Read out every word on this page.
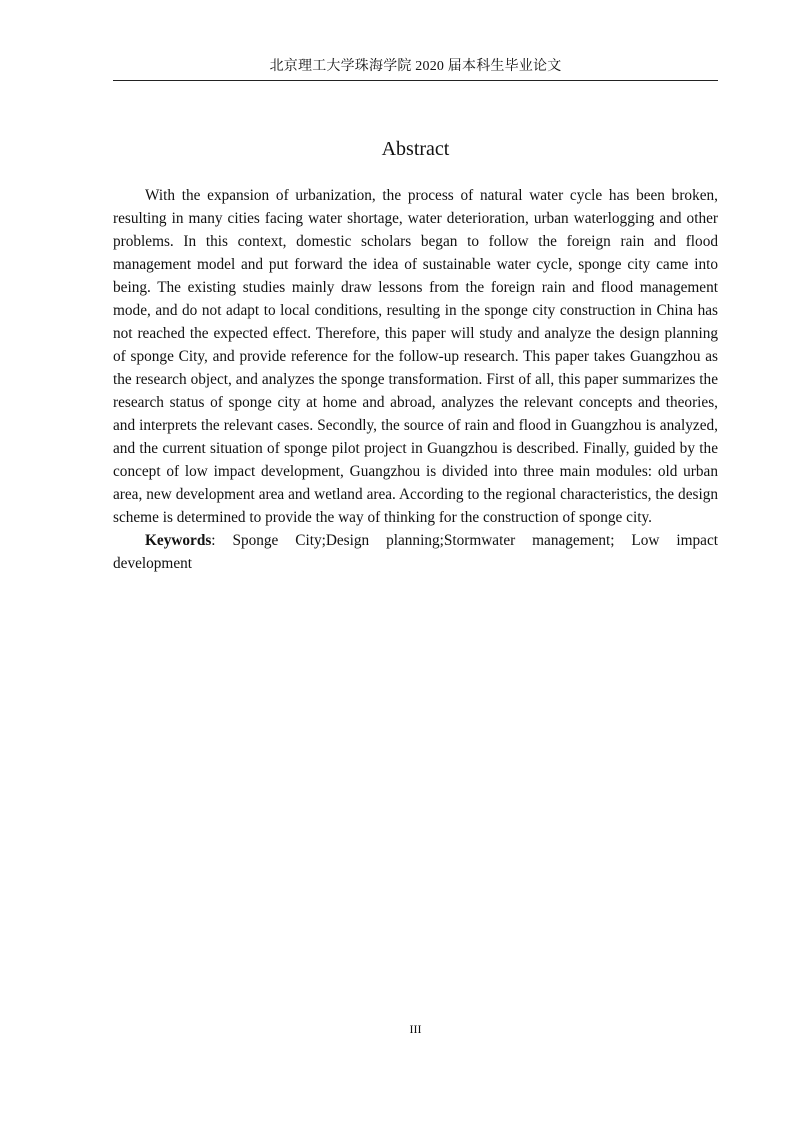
北京理工大学珠海学院 2020 届本科生毕业论文
Abstract

With the expansion of urbanization, the process of natural water cycle has been broken, resulting in many cities facing water shortage, water deterioration, urban waterlogging and other problems. In this context, domestic scholars began to follow the foreign rain and flood management model and put forward the idea of sustainable water cycle, sponge city came into being. The existing studies mainly draw lessons from the foreign rain and flood management mode, and do not adapt to local conditions, resulting in the sponge city construction in China has not reached the expected effect. Therefore, this paper will study and analyze the design planning of sponge City, and provide reference for the follow-up research. This paper takes Guangzhou as the research object, and analyzes the sponge transformation. First of all, this paper summarizes the research status of sponge city at home and abroad, analyzes the relevant concepts and theories, and interprets the relevant cases. Secondly, the source of rain and flood in Guangzhou is analyzed, and the current situation of sponge pilot project in Guangzhou is described. Finally, guided by the concept of low impact development, Guangzhou is divided into three main modules: old urban area, new development area and wetland area. According to the regional characteristics, the design scheme is determined to provide the way of thinking for the construction of sponge city.

Keywords: Sponge City;Design planning;Stormwater management; Low impact development

III
